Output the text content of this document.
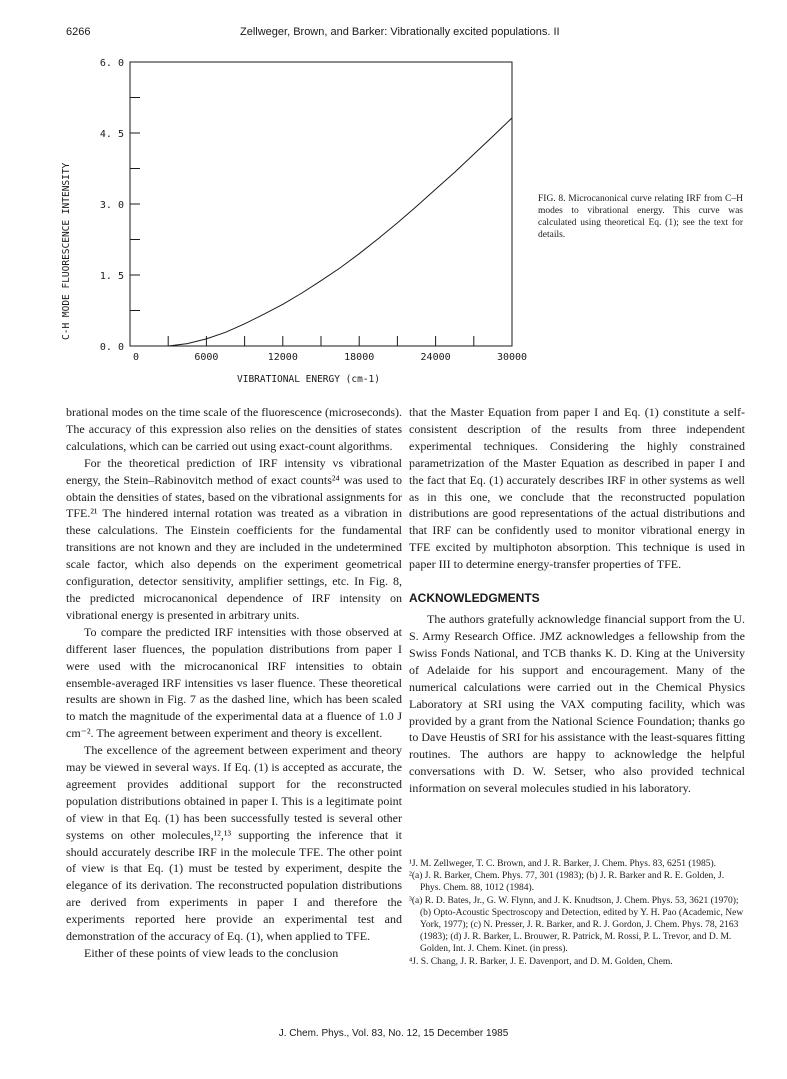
6266	Zellweger, Brown, and Barker: Vibrationally excited populations. II
0	6000	12000	18000	24000	30000
0. 0
1. 5
3. 0
4. 5
6. 0
C-H MODE FLUORESCENCE INTENSITY
VIBRATIONAL ENERGY (cm-1)
FIG. 8. Microcanonical curve relating IRF from C–H modes to vibrational energy. This curve was calculated using theoretical Eq. (1); see the text for details.

brational modes on the time scale of the fluorescence (microseconds). The accuracy of this expression also relies on the densities of states calculations, which can be carried out using exact-count algorithms.

For the theoretical prediction of IRF intensity vs vibrational energy, the Stein–Rabinovitch method of exact counts²⁴ was used to obtain the densities of states, based on the vibrational assignments for TFE.²¹ The hindered internal rotation was treated as a vibration in these calculations. The Einstein coefficients for the fundamental transitions are not known and they are included in the undetermined scale factor, which also depends on the experiment geometrical configuration, detector sensitivity, amplifier settings, etc. In Fig. 8, the predicted microcanonical dependence of IRF intensity on vibrational energy is presented in arbitrary units.

To compare the predicted IRF intensities with those observed at different laser fluences, the population distributions from paper I were used with the microcanonical IRF intensities to obtain ensemble-averaged IRF intensities vs laser fluence. These theoretical results are shown in Fig. 7 as the dashed line, which has been scaled to match the magnitude of the experimental data at a fluence of 1.0 J cm⁻². The agreement between experiment and theory is excellent.

The excellence of the agreement between experiment and theory may be viewed in several ways. If Eq. (1) is accepted as accurate, the agreement provides additional support for the reconstructed population distributions obtained in paper I. This is a legitimate point of view in that Eq. (1) has been successfully tested is several other systems on other molecules,¹²,¹³ supporting the inference that it should accurately describe IRF in the molecule TFE. The other point of view is that Eq. (1) must be tested by experiment, despite the elegance of its derivation. The reconstructed population distributions are derived from experiments in paper I and therefore the experiments reported here provide an experimental test and demonstration of the accuracy of Eq. (1), when applied to TFE.

Either of these points of view leads to the conclusion

that the Master Equation from paper I and Eq. (1) constitute a self-consistent description of the results from three independent experimental techniques. Considering the highly constrained parametrization of the Master Equation as described in paper I and the fact that Eq. (1) accurately describes IRF in other systems as well as in this one, we conclude that the reconstructed population distributions are good representations of the actual distributions and that IRF can be confidently used to monitor vibrational energy in TFE excited by multiphoton absorption. This technique is used in paper III to determine energy-transfer properties of TFE.

ACKNOWLEDGMENTS

The authors gratefully acknowledge financial support from the U. S. Army Research Office. JMZ acknowledges a fellowship from the Swiss Fonds National, and TCB thanks K. D. King at the University of Adelaide for his support and encouragement. Many of the numerical calculations were carried out in the Chemical Physics Laboratory at SRI using the VAX computing facility, which was provided by a grant from the National Science Foundation; thanks go to Dave Heustis of SRI for his assistance with the least-squares fitting routines. The authors are happy to acknowledge the helpful conversations with D. W. Setser, who also provided technical information on several molecules studied in his laboratory.

¹J. M. Zellweger, T. C. Brown, and J. R. Barker, J. Chem. Phys. 83, 6251 (1985).

²(a) J. R. Barker, Chem. Phys. 77, 301 (1983); (b) J. R. Barker and R. E. Golden, J. Phys. Chem. 88, 1012 (1984).

³(a) R. D. Bates, Jr., G. W. Flynn, and J. K. Knudtson, J. Chem. Phys. 53, 3621 (1970); (b) Opto-Acoustic Spectroscopy and Detection, edited by Y. H. Pao (Academic, New York, 1977); (c) N. Presser, J. R. Barker, and R. J. Gordon, J. Chem. Phys. 78, 2163 (1983); (d) J. R. Barker, L. Brouwer, R. Patrick, M. Rossi, P. L. Trevor, and D. M. Golden, Int. J. Chem. Kinet. (in press).

⁴J. S. Chang, J. R. Barker, J. E. Davenport, and D. M. Golden, Chem.

J. Chem. Phys., Vol. 83, No. 12, 15 December 1985
